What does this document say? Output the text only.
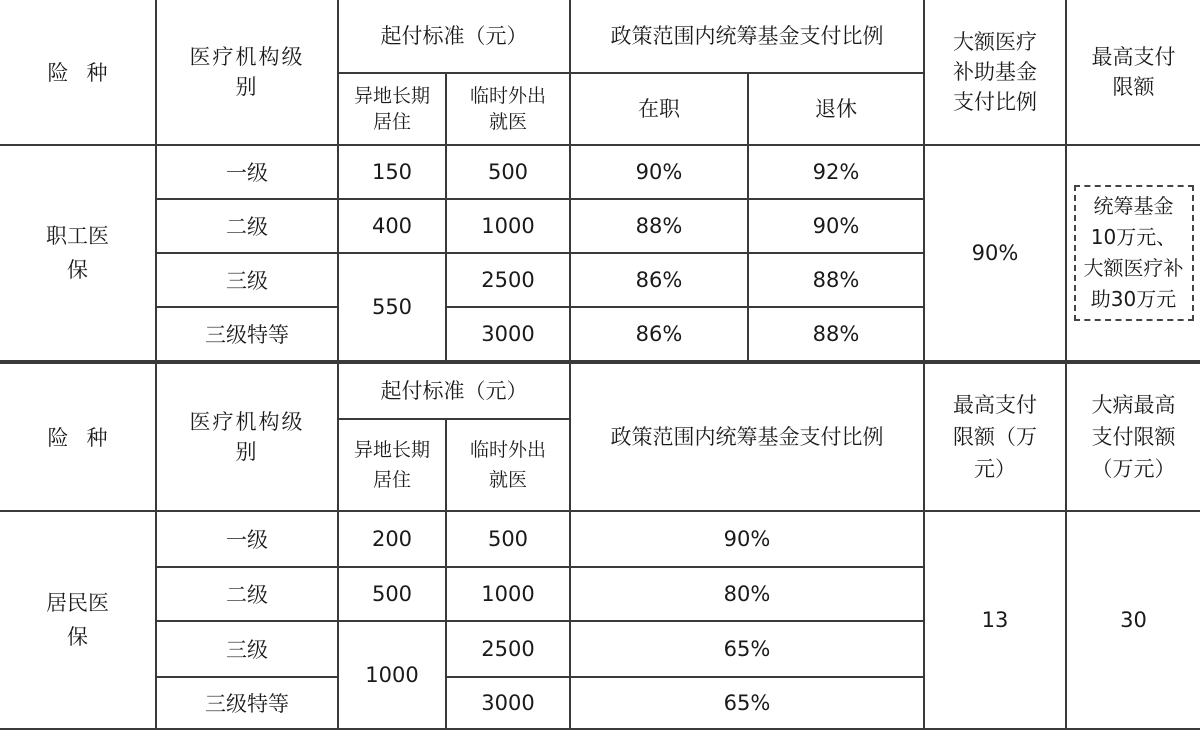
险种	医疗机构级别	起付标准（元）		政策范围内统筹基金支付比例		大额医疗补助基金支付比例	最高支付限额

		异地长期居住	临时外出就医	在职	退休		

职工医保	一级	150	500	90%	92%	90%	统筹基金10万元、大额医疗补助30万元
	二级	400	1000	88%	90%		
	三级	550	2500	86%	88%		
	三级特等		3000	86%	88%		
险种	医疗机构级别	起付标准（元）		政策范围内统筹基金支付比例	最高支付限额（万元）	大病最高支付限额（万元）

		异地长期居住	临时外出就医			

居民医保	一级	200	500	90%	13	30
	二级	500	1000	80%		
	三级	1000	2500	65%		
	三级特等		3000	65%		
